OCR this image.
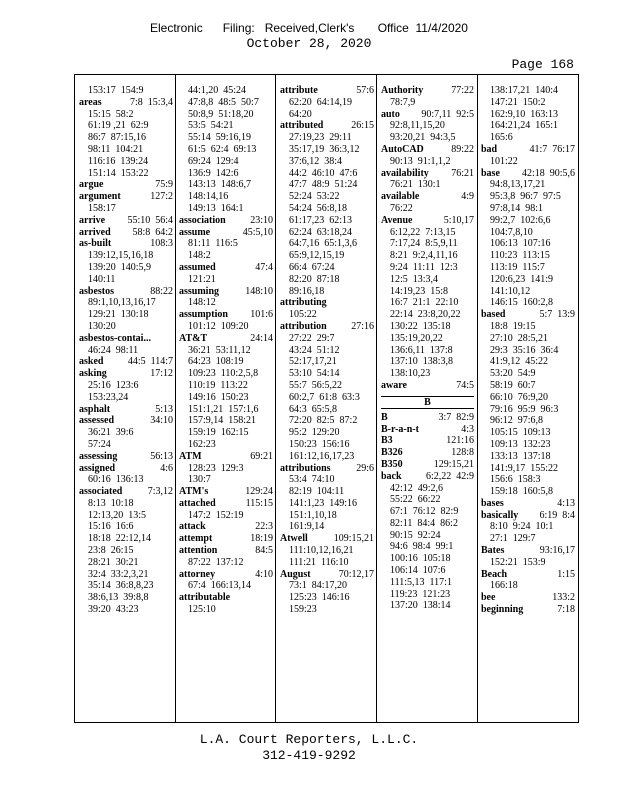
Electronic      Filing:   Received,Clerk's       Office  11/4/2020
October 28, 2020
Page 168
153:17  154:9
areas 7:8  15:3,4
15:15  58:2
61:19 ,21  62:9
86:7  87:15,16
98:11  104:21
116:16  139:24
151:14  153:22
argue	75:9
argument 127:2
158:17
arrive 55:10  56:4
arrived 58:8  64:2
as-built	108:3
139:12,15,16,18
139:20  140:5,9
140:11
asbestos	88:22
89:1,10,13,16,17
129:21  130:18
130:20
asbestos-contai...
46:24  98:11
asked 44:5  114:7
asking	17:12
25:16  123:6
153:23,24
asphalt	5:13
assessed	34:10
36:21  39:6
57:24
assessing	56:13
assigned	4:6
60:16  136:13
associated 7:3,12
8:13  10:18
12:13,20  13:5
15:16  16:6
18:18  22:12,14
23:8  26:15
28:21  30:21
32:4  33:2,3,21
35:14  36:8,8,23
38:6,13  39:8,8
39:20  43:23
44:1,20  45:24
47:8,8  48:5  50:7
50:8,9  51:18,20
53:5  54:21
55:14  59:16,19
61:5  62:4  69:13
69:24  129:4
136:9  142:6
143:13  148:6,7
148:14,16
149:13  164:1
association 23:10
assume	45:5,10
81:11  116:5
148:2
assumed	47:4
121:21
assuming 148:10
148:12
assumption 101:6
101:12  109:20
AT&T	24:14
36:21  53:11,12
64:23  108:19
109:23  110:2,5,8
110:19  113:22
149:16  150:23
151:1,21  157:1,6
157:9,14  158:21
159:19  162:15
162:23
ATM	69:21
128:23  129:3
130:7
ATM's	129:24
attached 115:15
147:2  152:19
attack	22:3
attempt	18:19
attention	84:5
87:22  137:12
attorney	4:10
67:4  166:13,14
attributable
125:10
attribute	57:6
62:20  64:14,19
64:20
attributed 26:15
27:19,23  29:11
35:17,19  36:3,12
37:6,12  38:4
44:2  46:10  47:6
47:7  48:9  51:24
52:24  53:22
54:24  56:8,18
61:17,23  62:13
62:24  63:18,24
64:7,16  65:1,3,6
65:9,12,15,19
66:4  67:24
82:20  87:18
89:16,18
attributing
105:22
attribution 27:16
27:22  29:7
43:24  51:12
52:17,17,21
53:10  54:14
55:7  56:5,22
60:2,7  61:8  63:3
64:3  65:5,8
72:20  82:5  87:2
95:2  129:20
150:23  156:16
161:12,16,17,23
attributions 29:6
53:4  74:10
82:19  104:11
141:1,23  149:16
151:1,10,18
161:9,14
Atwell 109:15,21
111:10,12,16,21
111:21  116:10
August 70:12,17
73:1  84:17,20
125:23  146:16
159:23
Authority 77:22
78:7,9
auto 90:7,11  92:5
92:8,11,15,20
93:20,21  94:3,5
AutoCAD 89:22
90:13  91:1,1,2
availability 76:21
76:21  130:1
available	4:9
76:22
Avenue	5:10,17
6:12,22  7:13,15
7:17,24  8:5,9,11
8:21  9:2,4,11,16
9:24  11:11  12:3
12:5  13:3,4
14:19,23  15:8
16:7  21:1  22:10
22:14  23:8,20,22
130:22  135:18
135:19,20,22
136:6,11  137:8
137:10  138:3,8
138:10,23
aware	74:5
B
B	3:7  82:9
B-r-a-n-t	4:3
B3	121:16
B326	128:8
B350	129:15,21
back 6:2,22  42:9
42:12  49:2,6
55:22  66:22
67:1  76:12  82:9
82:11  84:4  86:2
90:15  92:24
94:6  98:4  99:1
100:16  105:18
106:14  107:6
111:5,13  117:1
119:23  121:23
137:20  138:14
138:17,21  140:4
147:21  150:2
162:9,10  163:13
164:21,24  165:1
165:6
bad	41:7  76:17
101:22
base 42:18  90:5,6
94:8,13,17,21
95:3,8  96:7  97:5
97:8,14  98:1
99:2,7  102:6,6
104:7,8,10
106:13  107:16
110:23  113:15
113:19  115:7
120:6,23  141:9
141:10,12
146:15  160:2,8
based	5:7  13:9
18:8  19:15
27:10  28:5,21
29:3  35:16  36:4
41:9,12  45:22
53:20  54:9
58:19  60:7
66:10  76:9,20
79:16  95:9  96:3
96:12  97:6,8
105:15  109:13
109:13  132:23
133:13  137:18
141:9,17  155:22
156:6  158:3
159:18  160:5,8
bases	4:13
basically 6:19  8:4
8:10  9:24  10:1
27:1  129:7
Bates	93:16,17
152:21  153:9
Beach	1:15
166:18
bee	133:2
beginning	7:18
L.A. Court Reporters, L.L.C.
312-419-9292
